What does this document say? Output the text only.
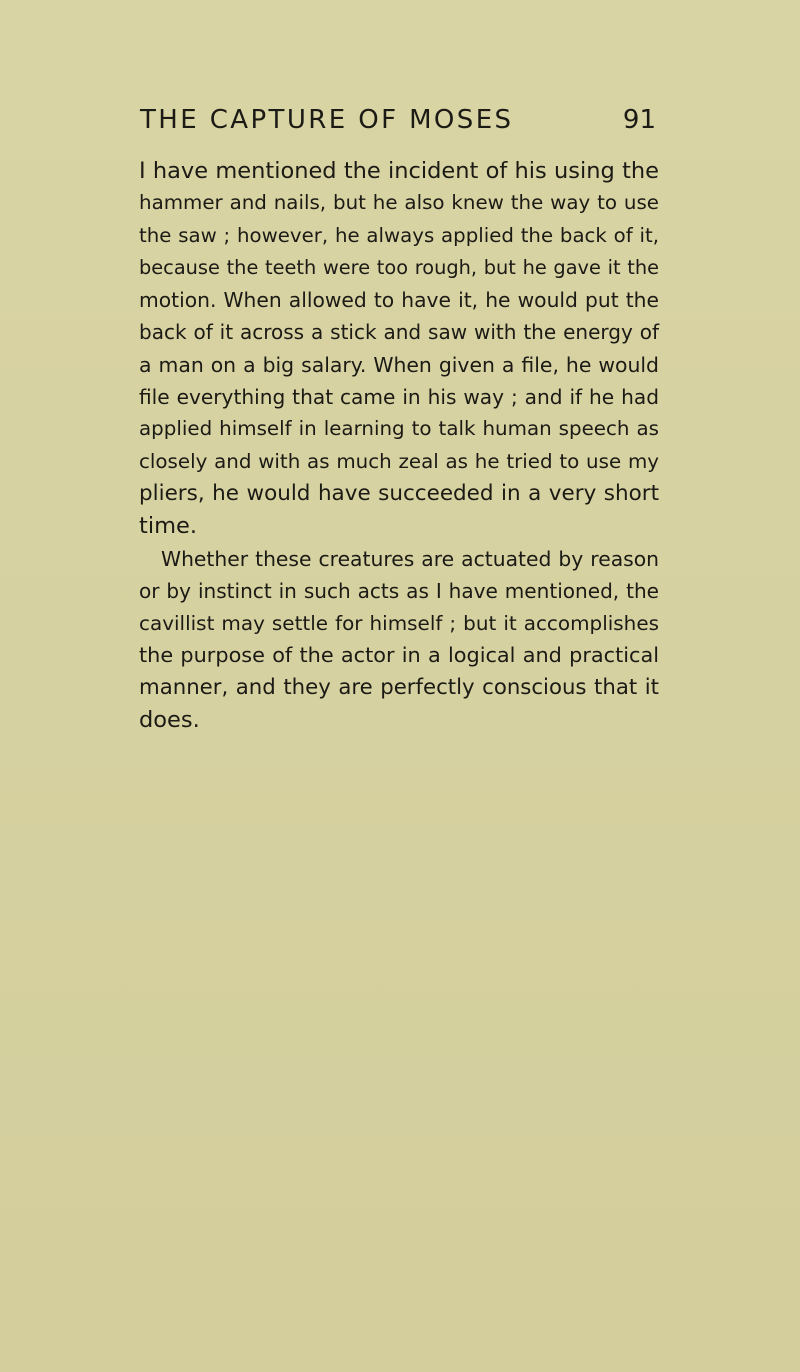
THE CAPTURE OF MOSES	91
I have mentioned the incident of his using the
hammer and nails, but he also knew the way to use
the saw ; however, he always applied the back of it,
because the teeth were too rough, but he gave it the
motion. When allowed to have it, he would put the
back of it across a stick and saw with the energy of
a man on a big salary. When given a file, he would
file everything that came in his way ; and if he had
applied himself in learning to talk human speech as
closely and with as much zeal as he tried to use my
pliers, he would have succeeded in a very short
time.
Whether these creatures are actuated by reason
or by instinct in such acts as I have mentioned, the
cavillist may settle for himself ; but it accomplishes
the purpose of the actor in a logical and practical
manner, and they are perfectly conscious that it
does.
